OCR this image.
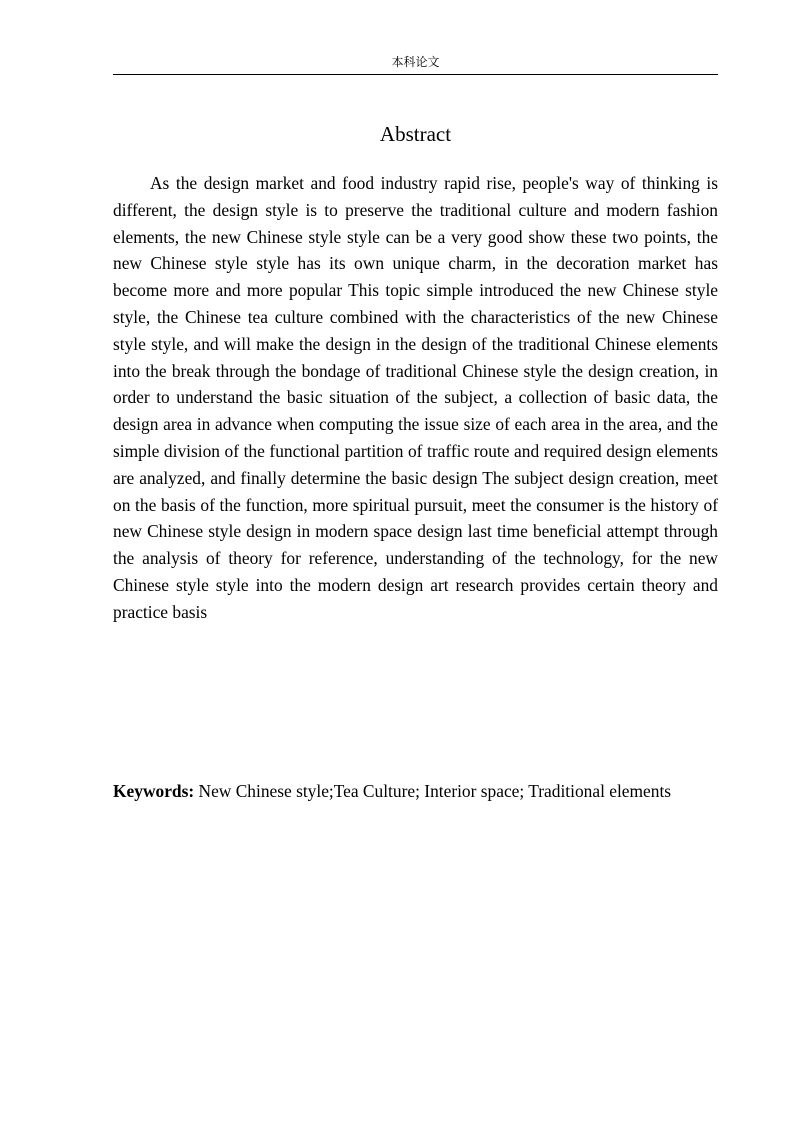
本科论文
Abstract

As the design market and food industry rapid rise, people's way of thinking is different, the design style is to preserve the traditional culture and modern fashion elements, the new Chinese style style can be a very good show these two points, the new Chinese style style has its own unique charm, in the decoration market has become more and more popular This topic simple introduced the new Chinese style style, the Chinese tea culture combined with the characteristics of the new Chinese style style, and will make the design in the design of the traditional Chinese elements into the break through the bondage of traditional Chinese style the design creation, in order to understand the basic situation of the subject, a collection of basic data, the design area in advance when computing the issue size of each area in the area, and the simple division of the functional partition of traffic route and required design elements are analyzed, and finally determine the basic design The subject design creation, meet on the basis of the function, more spiritual pursuit, meet the consumer is the history of new Chinese style design in modern space design last time beneficial attempt through the analysis of theory for reference, understanding of the technology, for the new Chinese style style into the modern design art research provides certain theory and practice basis

Keywords: New Chinese style;Tea Culture; Interior space; Traditional elements
